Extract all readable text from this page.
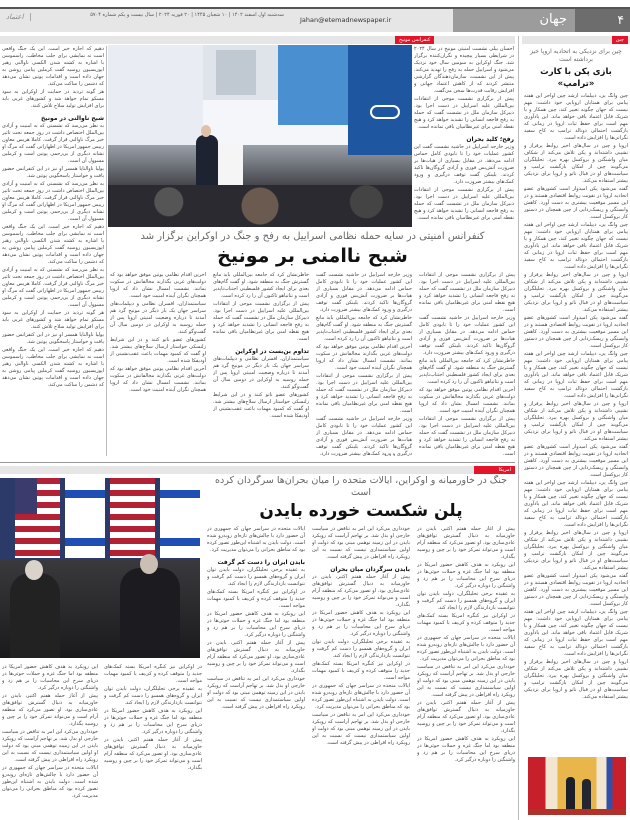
۴
جهان
Jahan@etemadnewspaper.ir
سه‌شنبه اول اسفند ۱۴۰۲ | ۱۰ شعبان ۱۴۴۵ | ۲۰ فوریه ۲۰۲۴ | سال بیست و یکم شماره ۵۷۰۴
اعتماد
چین
کنفرانس مونیخ
چین برای نزدیکی به اتحادیه اروپا خیز برداشته است
بازی پکن با کارت «ترامپ»

چین وانگ یی، دیپلمات ارشد چین اواخر این هفته پیامی برای همتایان اروپایی خود داشت: مهم نیست که جهان چگونه تغییر کند، چین همکار و یا شریک قابل اعتماد باقی خواهد ماند. این یادآوری مهم است برای حفظ ثبات اروپا در زمانی که بازگشت احتمالی دونالد ترامپ به کاخ سفید نگرانی‌ها را افزایش داده است.

اروپا و چین در سال‌های اخیر روابط پرفراز و نشیبی داشته‌اند و پکن تلاش می‌کند از شکاف میان واشنگتن و بروکسل بهره ببرد. تحلیلگران می‌گویند چین از امکان بازگشت ترامپ و سیاست‌های او در قبال ناتو و اروپا برای نزدیکی بیشتر استفاده می‌کند.

گفته می‌شود پکن امیدوار است کشورهای عضو اتحادیه اروپا در تقویت روابط اقتصادی هستند و در این مسیر موقعیت بیشتری به دست آورد. کاهش وابستگی و ریسک‌زدایی از چین همچنان در دستور کار بروکسل است.

چین وانگ یی، دیپلمات ارشد چین اواخر این هفته پیامی برای همتایان اروپایی خود داشت: مهم نیست که جهان چگونه تغییر کند، چین همکار و یا شریک قابل اعتماد باقی خواهد ماند. این یادآوری مهم است برای حفظ ثبات اروپا در زمانی که بازگشت احتمالی دونالد ترامپ به کاخ سفید نگرانی‌ها را افزایش داده است.

اروپا و چین در سال‌های اخیر روابط پرفراز و نشیبی داشته‌اند و پکن تلاش می‌کند از شکاف میان واشنگتن و بروکسل بهره ببرد. تحلیلگران می‌گویند چین از امکان بازگشت ترامپ و سیاست‌های او در قبال ناتو و اروپا برای نزدیکی بیشتر استفاده می‌کند.

گفته می‌شود پکن امیدوار است کشورهای عضو اتحادیه اروپا در تقویت روابط اقتصادی هستند و در این مسیر موقعیت بیشتری به دست آورد. کاهش وابستگی و ریسک‌زدایی از چین همچنان در دستور کار بروکسل است.

چین وانگ یی، دیپلمات ارشد چین اواخر این هفته پیامی برای همتایان اروپایی خود داشت: مهم نیست که جهان چگونه تغییر کند، چین همکار و یا شریک قابل اعتماد باقی خواهد ماند. این یادآوری مهم است برای حفظ ثبات اروپا در زمانی که بازگشت احتمالی دونالد ترامپ به کاخ سفید نگرانی‌ها را افزایش داده است.

اروپا و چین در سال‌های اخیر روابط پرفراز و نشیبی داشته‌اند و پکن تلاش می‌کند از شکاف میان واشنگتن و بروکسل بهره ببرد. تحلیلگران می‌گویند چین از امکان بازگشت ترامپ و سیاست‌های او در قبال ناتو و اروپا برای نزدیکی بیشتر استفاده می‌کند.

گفته می‌شود پکن امیدوار است کشورهای عضو اتحادیه اروپا در تقویت روابط اقتصادی هستند و در این مسیر موقعیت بیشتری به دست آورد. کاهش وابستگی و ریسک‌زدایی از چین همچنان در دستور کار بروکسل است.

چین وانگ یی، دیپلمات ارشد چین اواخر این هفته پیامی برای همتایان اروپایی خود داشت: مهم نیست که جهان چگونه تغییر کند، چین همکار و یا شریک قابل اعتماد باقی خواهد ماند. این یادآوری مهم است برای حفظ ثبات اروپا در زمانی که بازگشت احتمالی دونالد ترامپ به کاخ سفید نگرانی‌ها را افزایش داده است.

اروپا و چین در سال‌های اخیر روابط پرفراز و نشیبی داشته‌اند و پکن تلاش می‌کند از شکاف میان واشنگتن و بروکسل بهره ببرد. تحلیلگران می‌گویند چین از امکان بازگشت ترامپ و سیاست‌های او در قبال ناتو و اروپا برای نزدیکی بیشتر استفاده می‌کند.

گفته می‌شود پکن امیدوار است کشورهای عضو اتحادیه اروپا در تقویت روابط اقتصادی هستند و در این مسیر موقعیت بیشتری به دست آورد. کاهش وابستگی و ریسک‌زدایی از چین همچنان در دستور کار بروکسل است.

چین وانگ یی، دیپلمات ارشد چین اواخر این هفته پیامی برای همتایان اروپایی خود داشت: مهم نیست که جهان چگونه تغییر کند، چین همکار و یا شریک قابل اعتماد باقی خواهد ماند. این یادآوری مهم است برای حفظ ثبات اروپا در زمانی که بازگشت احتمالی دونالد ترامپ به کاخ سفید نگرانی‌ها را افزایش داده است.

اروپا و چین در سال‌های اخیر روابط پرفراز و نشیبی داشته‌اند و پکن تلاش می‌کند از شکاف میان واشنگتن و بروکسل بهره ببرد. تحلیلگران می‌گویند چین از امکان بازگشت ترامپ و سیاست‌های او در قبال ناتو و اروپا برای نزدیکی بیشتر استفاده می‌کند.

دهیم که اجازه خیر است. این یک جنگ واقعی است نه نمایشی برای جلب مخاطب. راسموسن با اشاره به کشته شدن الکسی ناوالنی رهبر اپوزیسیون روسیه گفت کرملین پیامی روشن به جهان داده است و اقدامات پوتین نشان می‌دهد که دشمن را ساکت می‌کند.

هر گونه تردید در حمایت از اوکراین به سود مسکو تمام خواهد شد و کشورهای غربی باید برای افزایش تولید سلاح تلاش کنند.

شبح ناوالنی در مونیخ

به نظر می‌رسد که نشستی که به امنیت و آزادی بین‌الملل اختصاص داشت در روز جمعه تحت تاثیر خبر مرگ ناوالنی قرار گرفت. کاملا هریس معاون رییس جمهور امریکا در اظهاراتی گفت که مرگ او نشانه دیگری از بی‌رحمی پوتین است و کرملین مسوول آن است.

یولیا ناوالنایا همسر او نیز در این کنفرانس حضور یافت و خواستار پاسخگویی پوتین شد.

به نظر می‌رسد که نشستی که به امنیت و آزادی بین‌الملل اختصاص داشت در روز جمعه تحت تاثیر خبر مرگ ناوالنی قرار گرفت. کاملا هریس معاون رییس جمهور امریکا در اظهاراتی گفت که مرگ او نشانه دیگری از بی‌رحمی پوتین است و کرملین مسوول آن است.

دهیم که اجازه خیر است. این یک جنگ واقعی است نه نمایشی برای جلب مخاطب. راسموسن با اشاره به کشته شدن الکسی ناوالنی رهبر اپوزیسیون روسیه گفت کرملین پیامی روشن به جهان داده است و اقدامات پوتین نشان می‌دهد که دشمن را ساکت می‌کند.

به نظر می‌رسد که نشستی که به امنیت و آزادی بین‌الملل اختصاص داشت در روز جمعه تحت تاثیر خبر مرگ ناوالنی قرار گرفت. کاملا هریس معاون رییس جمهور امریکا در اظهاراتی گفت که مرگ او نشانه دیگری از بی‌رحمی پوتین است و کرملین مسوول آن است.

هر گونه تردید در حمایت از اوکراین به سود مسکو تمام خواهد شد و کشورهای غربی باید برای افزایش تولید سلاح تلاش کنند.

یولیا ناوالنایا همسر او نیز در این کنفرانس حضور یافت و خواستار پاسخگویی پوتین شد.

دهیم که اجازه خیر است. این یک جنگ واقعی است نه نمایشی برای جلب مخاطب. راسموسن با اشاره به کشته شدن الکسی ناوالنی رهبر اپوزیسیون روسیه گفت کرملین پیامی روشن به جهان داده است و اقدامات پوتین نشان می‌دهد که دشمن را ساکت می‌کند.

احسان بیلی نشست امنیتی مونیخ در سال ۲۰۲۴ در شرایطی بسیار پیچیده و نگران‌کننده برگزار شد. جنگ اوکراین به سومین سال خود نزدیک می‌شود و اسراییل حمله به رفح را تهدید می‌کند. پیش از این نشست، سازمان‌دهندگان گزارشی منتشر کردند که از کاهش اعتماد جهانی و افزایش رقابت قدرت‌ها سخن می‌گفت.

پیش از برگزاری نشست موجی از انتقادات بین‌المللی علیه اسراییل در دست اجرا بود. دبیرکل سازمان ملل در نشست گفت که حمله به رفح فاجعه انسانی را تشدید خواهد کرد و هیچ نقطه امنی برای غیرنظامیان باقی نمانده است.

رفح؛ کلید بحران

وزیر خارجه اسراییل در حاشیه نشست گفت این کشور عملیات خود را تا نابودی کامل حماس ادامه می‌دهد. در مقابل بسیاری از هیات‌ها بر ضرورت آتش‌بس فوری و آزادی گروگان‌ها تاکید کردند. بلینکن گفت توقف درگیری و ورود کمک‌های بیشتر ضرورت دارد.

پیش از برگزاری نشست موجی از انتقادات بین‌المللی علیه اسراییل در دست اجرا بود. دبیرکل سازمان ملل در نشست گفت که حمله به رفح فاجعه انسانی را تشدید خواهد کرد و هیچ نقطه امنی برای غیرنظامیان باقی نمانده است.

کنفرانس امنیتی در سایه حمله نظامی اسراییل به رفح و جنگ در اوکراین برگزار شد
شبح ناامنی بر مونیخ

پیش از برگزاری نشست موجی از انتقادات بین‌المللی علیه اسراییل در دست اجرا بود. دبیرکل سازمان ملل در نشست گفت که حمله به رفح فاجعه انسانی را تشدید خواهد کرد و هیچ نقطه امنی برای غیرنظامیان باقی نمانده است.

وزیر خارجه اسراییل در حاشیه نشست گفت این کشور عملیات خود را تا نابودی کامل حماس ادامه می‌دهد. در مقابل بسیاری از هیات‌ها بر ضرورت آتش‌بس فوری و آزادی گروگان‌ها تاکید کردند. بلینکن گفت توقف درگیری و ورود کمک‌های بیشتر ضرورت دارد.

خاطرنشان کرد که جامعه بین‌المللی باید مانع گسترش جنگ به منطقه شود. او گفت گام‌های بعدی برای ایجاد کشور فلسطینی اجتناب‌ناپذیر است و نتانیاهو تاکنون آن را رد کرده است.

آخرین اقدام نظامی پوتین موفق خواهد بود که دولت‌های غربی بگذارند مخالفانش در سکوت بمانند. نشست امسال نشان داد که اروپا همچنان نگران آینده امنیت خود است.

پیش از برگزاری نشست موجی از انتقادات بین‌المللی علیه اسراییل در دست اجرا بود. دبیرکل سازمان ملل در نشست گفت که حمله به رفح فاجعه انسانی را تشدید خواهد کرد و هیچ نقطه امنی برای غیرنظامیان باقی نمانده است.

وزیر خارجه اسراییل در حاشیه نشست گفت این کشور عملیات خود را تا نابودی کامل حماس ادامه می‌دهد. در مقابل بسیاری از هیات‌ها بر ضرورت آتش‌بس فوری و آزادی گروگان‌ها تاکید کردند. بلینکن گفت توقف درگیری و ورود کمک‌های بیشتر ضرورت دارد.

خاطرنشان کرد که جامعه بین‌المللی باید مانع گسترش جنگ به منطقه شود. او گفت گام‌های بعدی برای ایجاد کشور فلسطینی اجتناب‌ناپذیر است و نتانیاهو تاکنون آن را رد کرده است.

آخرین اقدام نظامی پوتین موفق خواهد بود که دولت‌های غربی بگذارند مخالفانش در سکوت بمانند. نشست امسال نشان داد که اروپا همچنان نگران آینده امنیت خود است.

پیش از برگزاری نشست موجی از انتقادات بین‌المللی علیه اسراییل در دست اجرا بود. دبیرکل سازمان ملل در نشست گفت که حمله به رفح فاجعه انسانی را تشدید خواهد کرد و هیچ نقطه امنی برای غیرنظامیان باقی نمانده است.

وزیر خارجه اسراییل در حاشیه نشست گفت این کشور عملیات خود را تا نابودی کامل حماس ادامه می‌دهد. در مقابل بسیاری از هیات‌ها بر ضرورت آتش‌بس فوری و آزادی گروگان‌ها تاکید کردند. بلینکن گفت توقف درگیری و ورود کمک‌های بیشتر ضرورت دارد.

خاطرنشان کرد که جامعه بین‌المللی باید مانع گسترش جنگ به منطقه شود. او گفت گام‌های بعدی برای ایجاد کشور فلسطینی اجتناب‌ناپذیر است و نتانیاهو تاکنون آن را رد کرده است.

پیش از برگزاری نشست موجی از انتقادات بین‌المللی علیه اسراییل در دست اجرا بود. دبیرکل سازمان ملل در نشست گفت که حمله به رفح فاجعه انسانی را تشدید خواهد کرد و هیچ نقطه امنی برای غیرنظامیان باقی نمانده است.

تداوم بن‌بست در اوکراین

سیاستمداران، افسران نظامی و دیپلمات‌های سراسر جهان یک بار دیگر در مونیخ گرد هم آمدند تا درباره وضعیت امنیتی اروپا پس از حمله روسیه به اوکراین در دومین سال آن گفت‌وگو کنند.

کشورهای عضو ناتو کنند و در این شرایط زلنسکی خواستار ارسال سلاح‌های بیشتر شد. او گفت که کمبود مهمات باعث عقب‌نشینی از آودیفکا شده است.

آخرین اقدام نظامی پوتین موفق خواهد بود که دولت‌های غربی بگذارند مخالفانش در سکوت بمانند. نشست امسال نشان داد که اروپا همچنان نگران آینده امنیت خود است.

سیاستمداران، افسران نظامی و دیپلمات‌های سراسر جهان یک بار دیگر در مونیخ گرد هم آمدند تا درباره وضعیت امنیتی اروپا پس از حمله روسیه به اوکراین در دومین سال آن گفت‌وگو کنند.

کشورهای عضو ناتو کنند و در این شرایط زلنسکی خواستار ارسال سلاح‌های بیشتر شد. او گفت که کمبود مهمات باعث عقب‌نشینی از آودیفکا شده است.

آخرین اقدام نظامی پوتین موفق خواهد بود که دولت‌های غربی بگذارند مخالفانش در سکوت بمانند. نشست امسال نشان داد که اروپا همچنان نگران آینده امنیت خود است.

امریکا
جنگ در خاورمیانه و اوکراین، ایالات متحده را میان بحران‌ها سرگردان کرده است
پلن شکست خورده بایدن

پیش از آغاز حمله هفتم اکتبر، بایدن در خاورمیانه به دنبال گسترش توافق‌های عادی‌سازی بود. او تصور می‌کرد که منطقه آرام است و می‌تواند تمرکز خود را بر چین و روسیه بگذارد.

این رویکرد به هدف کاهش حضور امریکا در منطقه بود اما جنگ غزه و حملات حوثی‌ها در دریای سرخ این محاسبات را بر هم زد و واشنگتن را دوباره درگیر کرد.

به عقیده برخی تحلیلگران، دولت بایدن توان ایران و گروه‌های همسو را دست کم گرفت و نتوانست بازدارندگی لازم را ایجاد کند.

در اوکراین نیز کنگره امریکا بسته کمک‌های جدید را متوقف کرده و کی‌یف با کمبود مهمات مواجه است.

ایالات متحده در سراسر جهان که جمهوری در آن حضور دارد با چالش‌های تازه‌ای روبه‌رو شده است. دولت بایدن به اشتباه این‌طور تصور کرده بود که مناطق بحرانی را می‌توان مدیریت کرد.

خودداری می‌کرد این امر به تناقض در سیاست خارجی او بدل شد. بر تهاجم آراست که رویکرد بایدن در این زمینه توهمی مبنی بود که دولت او اولین سیاستمداری نیست که نسبت به این رویکرد راه افراطی در پیش گرفته است.

پیش از آغاز حمله هفتم اکتبر، بایدن در خاورمیانه به دنبال گسترش توافق‌های عادی‌سازی بود. او تصور می‌کرد که منطقه آرام است و می‌تواند تمرکز خود را بر چین و روسیه بگذارد.

این رویکرد به هدف کاهش حضور امریکا در منطقه بود اما جنگ غزه و حملات حوثی‌ها در دریای سرخ این محاسبات را بر هم زد و واشنگتن را دوباره درگیر کرد.

خودداری می‌کرد این امر به تناقض در سیاست خارجی او بدل شد. بر تهاجم آراست که رویکرد بایدن در این زمینه توهمی مبنی بود که دولت او اولین سیاستمداری نیست که نسبت به این رویکرد راه افراطی در پیش گرفته است.

بایدن سرگردان میان بحران

پیش از آغاز حمله هفتم اکتبر، بایدن در خاورمیانه به دنبال گسترش توافق‌های عادی‌سازی بود. او تصور می‌کرد که منطقه آرام است و می‌تواند تمرکز خود را بر چین و روسیه بگذارد.

این رویکرد به هدف کاهش حضور امریکا در منطقه بود اما جنگ غزه و حملات حوثی‌ها در دریای سرخ این محاسبات را بر هم زد و واشنگتن را دوباره درگیر کرد.

به عقیده برخی تحلیلگران، دولت بایدن توان ایران و گروه‌های همسو را دست کم گرفت و نتوانست بازدارندگی لازم را ایجاد کند.

در اوکراین نیز کنگره امریکا بسته کمک‌های جدید را متوقف کرده و کی‌یف با کمبود مهمات مواجه است.

ایالات متحده در سراسر جهان که جمهوری در آن حضور دارد با چالش‌های تازه‌ای روبه‌رو شده است. دولت بایدن به اشتباه این‌طور تصور کرده بود که مناطق بحرانی را می‌توان مدیریت کرد.

خودداری می‌کرد این امر به تناقض در سیاست خارجی او بدل شد. بر تهاجم آراست که رویکرد بایدن در این زمینه توهمی مبنی بود که دولت او اولین سیاستمداری نیست که نسبت به این رویکرد راه افراطی در پیش گرفته است.

ایالات متحده در سراسر جهان که جمهوری در آن حضور دارد با چالش‌های تازه‌ای روبه‌رو شده است. دولت بایدن به اشتباه این‌طور تصور کرده بود که مناطق بحرانی را می‌توان مدیریت کرد.

بایدن ایران را دست کم گرفت

به عقیده برخی تحلیلگران، دولت بایدن توان ایران و گروه‌های همسو را دست کم گرفت و نتوانست بازدارندگی لازم را ایجاد کند.

در اوکراین نیز کنگره امریکا بسته کمک‌های جدید را متوقف کرده و کی‌یف با کمبود مهمات مواجه است.

این رویکرد به هدف کاهش حضور امریکا در منطقه بود اما جنگ غزه و حملات حوثی‌ها در دریای سرخ این محاسبات را بر هم زد و واشنگتن را دوباره درگیر کرد.

پیش از آغاز حمله هفتم اکتبر، بایدن در خاورمیانه به دنبال گسترش توافق‌های عادی‌سازی بود. او تصور می‌کرد که منطقه آرام است و می‌تواند تمرکز خود را بر چین و روسیه بگذارد.

خودداری می‌کرد این امر به تناقض در سیاست خارجی او بدل شد. بر تهاجم آراست که رویکرد بایدن در این زمینه توهمی مبنی بود که دولت او اولین سیاستمداری نیست که نسبت به این رویکرد راه افراطی در پیش گرفته است.

در اوکراین نیز کنگره امریکا بسته کمک‌های جدید را متوقف کرده و کی‌یف با کمبود مهمات مواجه است.

به عقیده برخی تحلیلگران، دولت بایدن توان ایران و گروه‌های همسو را دست کم گرفت و نتوانست بازدارندگی لازم را ایجاد کند.

این رویکرد به هدف کاهش حضور امریکا در منطقه بود اما جنگ غزه و حملات حوثی‌ها در دریای سرخ این محاسبات را بر هم زد و واشنگتن را دوباره درگیر کرد.

پیش از آغاز حمله هفتم اکتبر، بایدن در خاورمیانه به دنبال گسترش توافق‌های عادی‌سازی بود. او تصور می‌کرد که منطقه آرام است و می‌تواند تمرکز خود را بر چین و روسیه بگذارد.

این رویکرد به هدف کاهش حضور امریکا در منطقه بود اما جنگ غزه و حملات حوثی‌ها در دریای سرخ این محاسبات را بر هم زد و واشنگتن را دوباره درگیر کرد.

پیش از آغاز حمله هفتم اکتبر، بایدن در خاورمیانه به دنبال گسترش توافق‌های عادی‌سازی بود. او تصور می‌کرد که منطقه آرام است و می‌تواند تمرکز خود را بر چین و روسیه بگذارد.

خودداری می‌کرد این امر به تناقض در سیاست خارجی او بدل شد. بر تهاجم آراست که رویکرد بایدن در این زمینه توهمی مبنی بود که دولت او اولین سیاستمداری نیست که نسبت به این رویکرد راه افراطی در پیش گرفته است.

ایالات متحده در سراسر جهان که جمهوری در آن حضور دارد با چالش‌های تازه‌ای روبه‌رو شده است. دولت بایدن به اشتباه این‌طور تصور کرده بود که مناطق بحرانی را می‌توان مدیریت کرد.
